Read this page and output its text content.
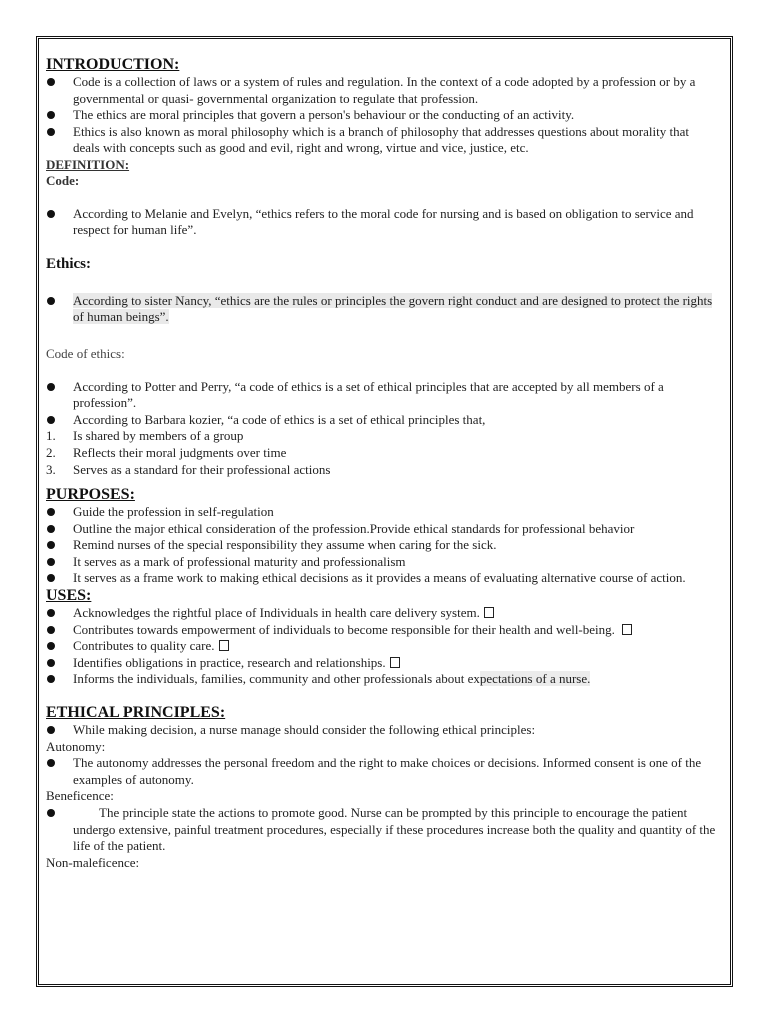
INTRODUCTION:
Code is a collection of laws or a system of rules and regulation. In the context of a code adopted by a profession or by a governmental or quasi- governmental organization to regulate that profession.
The ethics are moral principles that govern a person's behaviour or the conducting of an activity.
Ethics is also known as moral philosophy which is a branch of philosophy that addresses questions about morality that deals with concepts such as good and evil, right and wrong, virtue and vice, justice, etc.
DEFINITION:
Code:
According to Melanie and Evelyn, “ethics refers to the moral code for nursing and is based on obligation to service and respect for human life”.
Ethics:
According to sister Nancy, “ethics are the rules or principles the govern right conduct and are designed to protect the rights of human beings”.
Code of ethics:
According to Potter and Perry, “a code of ethics is a set of ethical principles that are accepted by all members of a profession”.
According to Barbara kozier, “a code of ethics is a set of ethical principles that,
1. Is shared by members of a group
2. Reflects their moral judgments over time
3. Serves as a standard for their professional actions
PURPOSES:
Guide the profession in self-regulation
Outline the major ethical consideration of the profession.Provide ethical standards for professional behavior
Remind nurses of the special responsibility they assume when caring for the sick.
It serves as a mark of professional maturity and professionalism
It serves as a frame work to making ethical decisions as it provides a means of evaluating alternative course of action.
USES:
Acknowledges the rightful place of Individuals in health care delivery system.
Contributes towards empowerment of individuals to become responsible for their health and well-being.
Contributes to quality care.
Identifies obligations in practice, research and relationships.
Informs the individuals, families, community and other professionals about expectations of a nurse.
ETHICAL PRINCIPLES:
While making decision, a nurse manage should consider the following ethical principles:
Autonomy:
The autonomy addresses the personal freedom and the right to make choices or decisions. Informed consent is one of the examples of autonomy.
Beneficence:
The principle state the actions to promote good. Nurse can be prompted by this principle to encourage the patient undergo extensive, painful treatment procedures, especially if these procedures increase both the quality and quantity of the life of the patient.
Non-maleficence:
